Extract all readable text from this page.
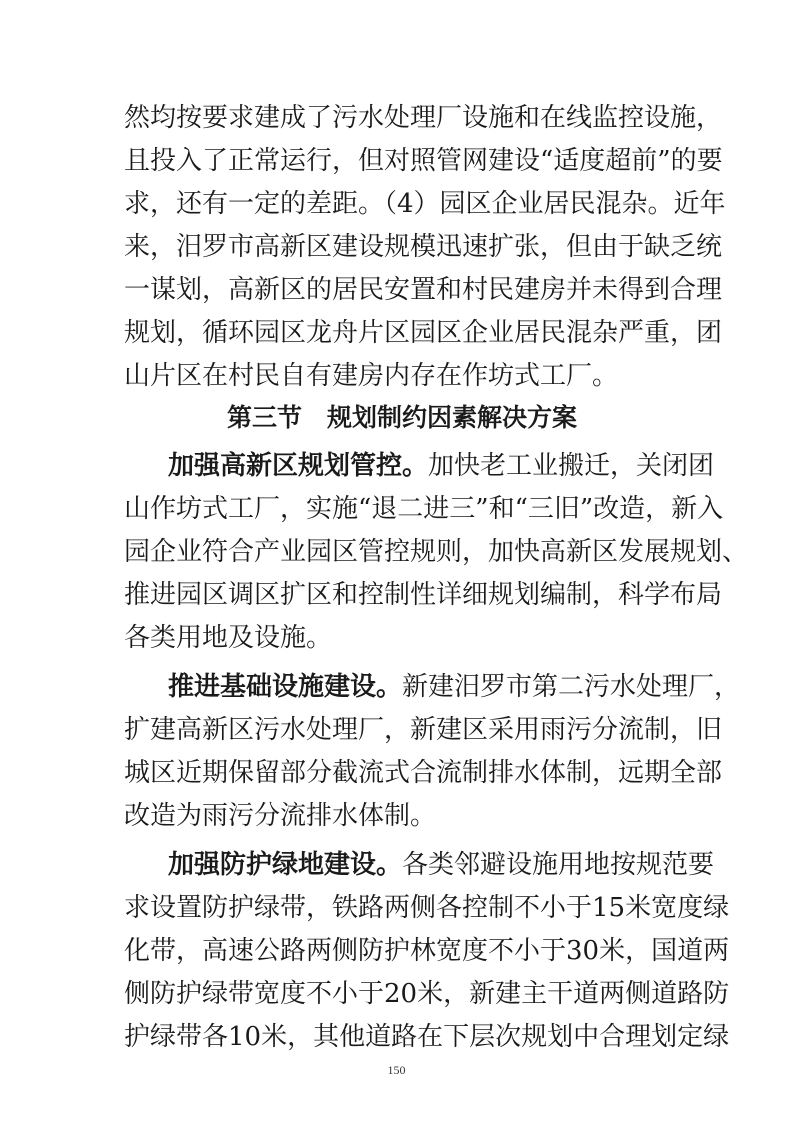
然均按要求建成了污水处理厂设施和在线监控设施，
且投入了正常运行，但对照管网建设“适度超前”的要
求，还有一定的差距。（4）园区企业居民混杂。近年
来，汨罗市高新区建设规模迅速扩张，但由于缺乏统
一谋划，高新区的居民安置和村民建房并未得到合理
规划，循环园区龙舟片区园区企业居民混杂严重，团
第三节　规划制约因素解决方案
加强高新区规划管控。加快老工业搬迁，关闭团
山作坊式工厂，实施“退二进三”和“三旧”改造，新入
园企业符合产业园区管控规则，加快高新区发展规划、
推进园区调区扩区和控制性详细规划编制，科学布局
各类用地及设施。
推进基础设施建设。新建汨罗市第二污水处理厂，
扩建高新区污水处理厂，新建区采用雨污分流制，旧
城区近期保留部分截流式合流制排水体制，远期全部
改造为雨污分流排水体制。
加强防护绿地建设。各类邻避设施用地按规范要
求设置防护绿带，铁路两侧各控制不小于15米宽度绿
化带，高速公路两侧防护林宽度不小于30米，国道两
150
山片区在村民自有建房内存在作坊式工厂。
侧防护绿带宽度不小于20米，新建主干道两侧道路防
护绿带各10米，其他道路在下层次规划中合理划定绿
